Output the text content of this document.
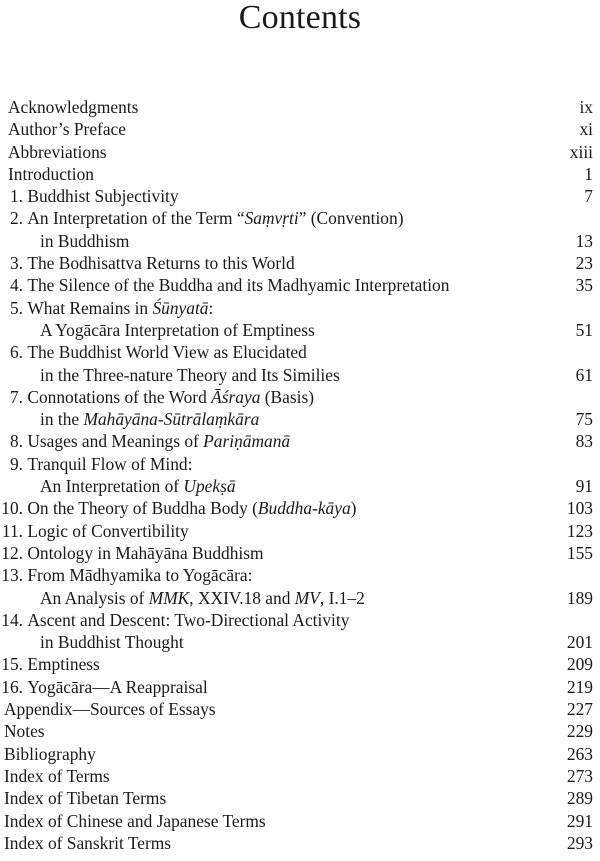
Contents
Acknowledgments	ix
Author’s Preface	xi
Abbreviations	xiii
Introduction	1
1. Buddhist Subjectivity	7
2. An Interpretation of the Term “Saṃvṛti” (Convention)
in Buddhism	13
3. The Bodhisattva Returns to this World	23
4. The Silence of the Buddha and its Madhyamic Interpretation	35
5. What Remains in Śūnyatā:
A Yogācāra Interpretation of Emptiness	51
6. The Buddhist World View as Elucidated
in the Three-nature Theory and Its Similies	61
7. Connotations of the Word Āśraya (Basis)
in the Mahāyāna-Sūtrālaṃkāra	75
8. Usages and Meanings of Pariṇāmanā	83
9. Tranquil Flow of Mind:
An Interpretation of Upekṣā	91
10. On the Theory of Buddha Body (Buddha-kāya)	103
11. Logic of Convertibility	123
12. Ontology in Mahāyāna Buddhism	155
13. From Mādhyamika to Yogācāra:
An Analysis of MMK, XXIV.18 and MV, I.1–2	189
14. Ascent and Descent: Two-Directional Activity
in Buddhist Thought	201
15. Emptiness	209
16. Yogācāra—A Reappraisal	219
Appendix—Sources of Essays	227
Notes	229
Bibliography	263
Index of Terms	273
Index of Tibetan Terms	289
Index of Chinese and Japanese Terms	291
Index of Sanskrit Terms	293
